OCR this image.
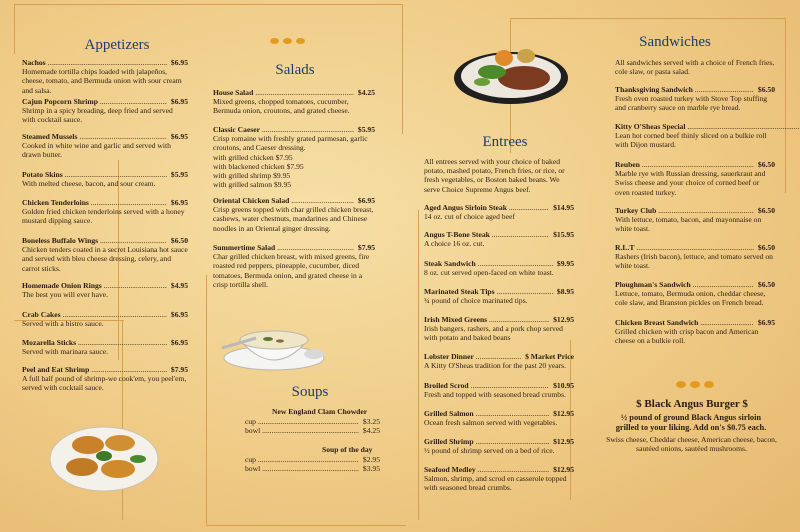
Appetizers
Nachos .....	$6.95
Homemade tortilla chips loaded with jalapeños, cheese, tomato, and Bermuda onion with sour cream and salsa.
Cajun Popcorn Shrimp .....	$6.95
Shrimp in a spicy breading, deep fried and served with cocktail sauce.
Steamed Mussels .....	$6.95
Cooked in white wine and garlic and served with drawn butter.
Potato Skins .....	$5.95
With melted cheese, bacon, and sour cream.
Chicken Tenderloins .....	$6.95
Golden fried chicken tenderloins served with a honey mustard dipping sauce.
Boneless Buffalo Wings .....	$6.50
Chicken tenders coated in a secret Louisiana hot sauce and served with bleu cheese dressing, celery, and carrot sticks.
Homemade Onion Rings .....	$4.95
The best you will ever have.
Crab Cakes .....	$6.95
Served with a bistro sauce.
Mozarella Sticks .....	$6.95
Served with marinara sauce.
Peel and Eat Shrimp .....	$7.95
A full half pound of shrimp-we cook'em, you peel'em, served with cocktail sauce.
Salads
House Salad .....	$4.25
Mixed greens, chopped tomatoes, cucumber, Bermuda onion, croutons, and grated cheese.
Classic Caeser .....	$5.95
Crisp romaine with freshly grated parmesan, garlic croutons, and Caeser dressing.
with grilled chicken $7.95
with blackened chicken $7.95
with grilled shrimp $9.95
with grilled salmon $9.95
Oriental Chicken Salad .....	$6.95
Crisp greens topped with char grilled chicken breast, cashews, water chestnuts, mandarines and Chinese noodles in an Oriental ginger dressing.
Summertime Salad .....	$7.95
Char grilled chicken breast, with mixed greens, fire roasted red peppers, pineapple, cucumber, diced tomatoes, Bermuda onion, and grated cheese in a crisp tortilla shell.
Soups
New England Clam Chowder
cup .....	$3.25
bowl .....	$4.25
Soup of the day
cup .....	$2.95
bowl .....	$3.95
Entrees
All entrees served with your choice of baked potato, mashed potato, French fries, or rice, or fresh vegetables, or Boston baked beans. We serve Choice Supreme Angus beef.
Aged Angus Sirloin Steak .....	$14.95
14 oz. cut of choice aged beef
Angus T-Bone Steak .....	$15.95
A choice 16 oz. cut.
Steak Sandwich .....	$9.95
8 oz. cut served open-faced on white toast.
Marinated Steak Tips .....	$8.95
¾ pound of choice marinated tips.
Irish Mixed Greens .....	$12.95
Irish bangers, rashers, and a pork chop served with potato and baked beans
Lobster Dinner .....	$ Market Price
A Kitty O'Sheas tradition for the past 20 years.
Broiled Scrod .....	$10.95
Fresh and topped with seasoned bread crumbs.
Grilled Salmon .....	$12.95
Ocean fresh salmon served with vegetables.
Grilled Shrimp .....	$12.95
½ pound of shrimp served on a bed of rice.
Seafood Medley .....	$12.95
Salmon, shrimp, and scrod en casserole topped with seasoned bread crumbs.
Sandwiches
All sandwiches served with a choice of French fries, cole slaw, or pasta salad.
Thanksgiving Sandwich .....	$6.50
Fresh oven roasted turkey with Stove Top stuffing and cranberry sauce on marble rye bread.
Kitty O'Sheas Special .....
Lean hot corned beef thinly sliced on a bulkie roll with Dijon mustard.
Reuben .....	$6.50
Marble rye with Russian dressing, sauerkraut and Swiss cheese and your choice of corned beef or oven roasted turkey.
Turkey Club .....	$6.50
With lettuce, tomato, bacon, and mayonnaise on white toast.
R.L.T .....	$6.50
Rashers (Irish bacon), lettuce, and tomato served on white toast.
Ploughman's Sandwich .....	$6.50
Lettuce, tomato, Bermuda onion, cheddar cheese, cole slaw, and Branston pickles on French bread.
Chicken Breast Sandwich .....	$6.95
Grilled chicken with crisp bacon and American cheese on a bulkie roll.
$ Black Angus Burger $
½ pound of ground Black Angus sirloin
grilled to your liking. Add on's $0.75 each.
Swiss cheese, Cheddar cheese, American cheese, bacon, sautéed onions, sautéed mushrooms.
